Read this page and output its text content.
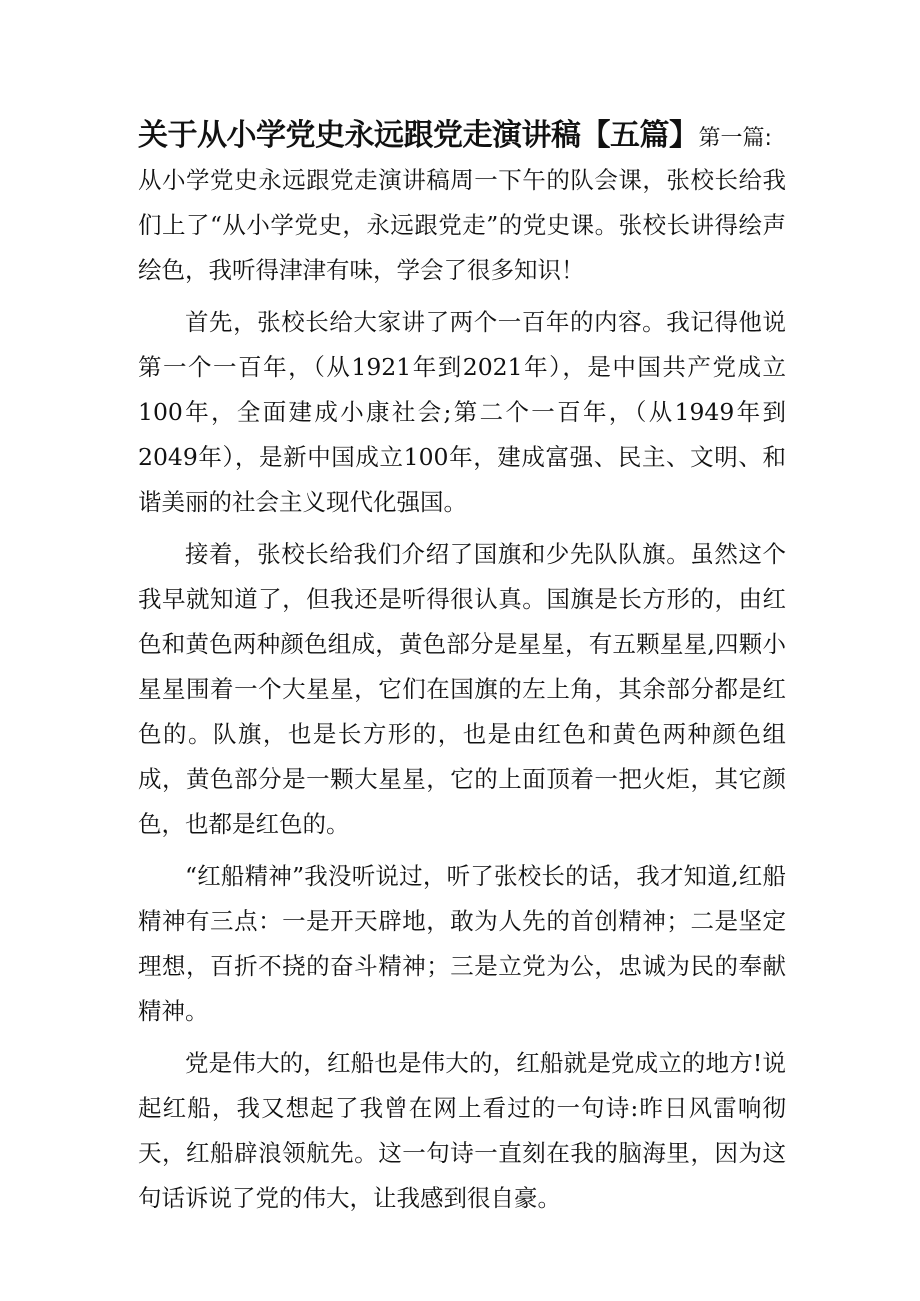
关于从小学党史永远跟党走演讲稿【五篇】第一篇:

从小学党史永远跟党走演讲稿周一下午的队会课，张校长给我们上了“从小学党史，永远跟党走”的党史课。张校长讲得绘声绘色，我听得津津有味，学会了很多知识！

首先，张校长给大家讲了两个一百年的内容。我记得他说第一个一百年，（从1921年到2021年），是中国共产党成立100年，全面建成小康社会;第二个一百年，（从1949年到2049年），是新中国成立100年，建成富强、民主、文明、和谐美丽的社会主义现代化强国。

接着，张校长给我们介绍了国旗和少先队队旗。虽然这个我早就知道了，但我还是听得很认真。国旗是长方形的，由红色和黄色两种颜色组成，黄色部分是星星，有五颗星星,四颗小星星围着一个大星星，它们在国旗的左上角，其余部分都是红色的。队旗，也是长方形的，也是由红色和黄色两种颜色组成，黄色部分是一颗大星星，它的上面顶着一把火炬，其它颜色，也都是红色的。

“红船精神”我没听说过，听了张校长的话，我才知道,红船精神有三点：一是开天辟地，敢为人先的首创精神；二是坚定理想，百折不挠的奋斗精神；三是立党为公，忠诚为民的奉献精神。

党是伟大的，红船也是伟大的，红船就是党成立的地方!说起红船，我又想起了我曾在网上看过的一句诗:昨日风雷响彻天，红船辟浪领航先。这一句诗一直刻在我的脑海里，因为这句话诉说了党的伟大，让我感到很自豪。
